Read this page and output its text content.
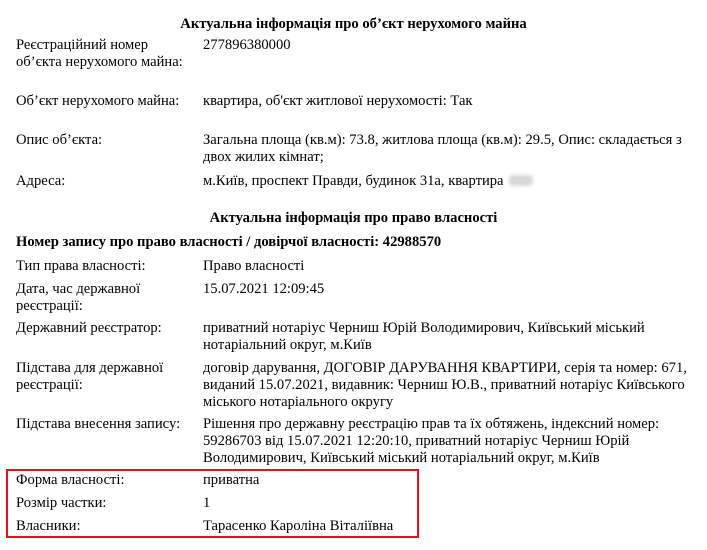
Актуальна інформація про об’єкт нерухомого майна
Реєстраційний номер об’єкта нерухомого майна:
277896380000
Об’єкт нерухомого майна:	квартира, об'єкт житлової нерухомості: Так
Опис об’єкта:	Загальна площа (кв.м): 73.8, житлова площа (кв.м): 29.5, Опис: складається з двох жилих кімнат;
Адреса:	м.Київ, проспект Правди, будинок 31а, квартира
Актуальна інформація про право власності
Номер запису про право власності / довірчої власності: 42988570
Тип права власності:	Право власності
Дата, час державної реєстрації:
15.07.2021 12:09:45
Державний реєстратор:	приватний нотаріус Черниш Юрій Володимирович, Київський міський нотаріальний округ, м.Київ
Підстава для державної реєстрації:
договір дарування, ДОГОВІР ДАРУВАННЯ КВАРТИРИ, серія та номер: 671, виданий 15.07.2021, видавник: Черниш Ю.В., приватний нотаріус Київського міського нотаріального округу
Підстава внесення запису:	Рішення про державну реєстрацію прав та їх обтяжень, індексний номер: 59286703 від 15.07.2021 12:20:10, приватний нотаріус Черниш Юрій Володимирович, Київський міський нотаріальний округ, м.Київ
Форма власності:	приватна
Розмір частки:	1
Власники:	Тарасенко Кароліна Віталіївна
